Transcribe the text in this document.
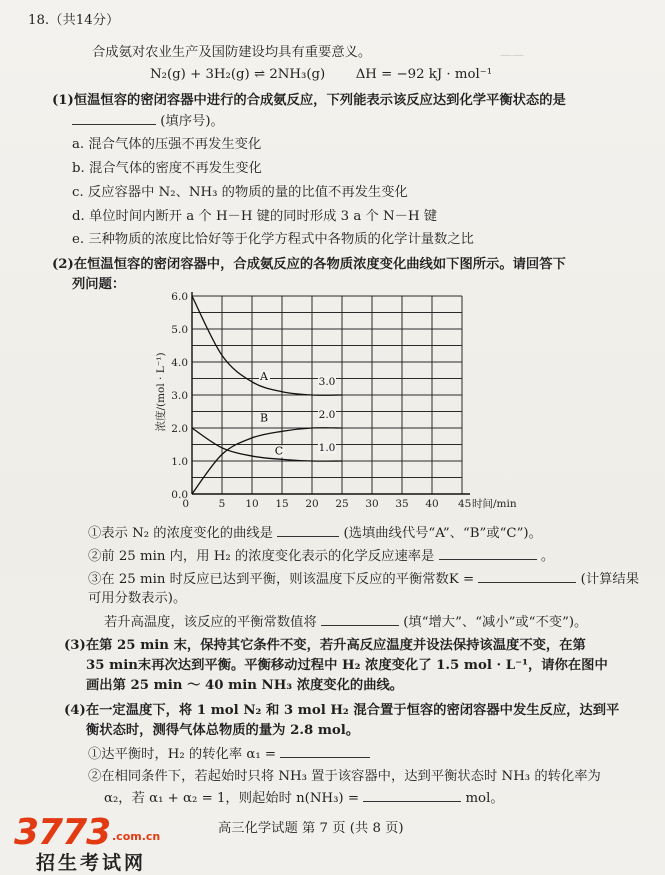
——
18.（共14分）
合成氨对农业生产及国防建设均具有重要意义。
N₂(g) + 3H₂(g) ⇌ 2NH₃(g) ΔH = −92 kJ · mol⁻¹
(1)恒温恒容的密闭容器中进行的合成氨反应，下列能表示该反应达到化学平衡状态的是
(填序号)。
a. 混合气体的压强不再发生变化
b. 混合气体的密度不再发生变化
c. 反应容器中 N₂、NH₃ 的物质的量的比值不再发生变化
d. 单位时间内断开 a 个 H－H 键的同时形成 3 a 个 N－H 键
e. 三种物质的浓度比恰好等于化学方程式中各物质的化学计量数之比
(2)在恒温恒容的密闭容器中，合成氨反应的各物质浓度变化曲线如下图所示。请回答下
列问题：
0.0
1.0
2.0
3.0
4.0
5.0
6.0
0	5 10 15 20 25 30 35 40 45 时间/min
浓度/(mol · L⁻¹)	A
B
C
3.0
2.0
1.0
①表示 N₂ 的浓度变化的曲线是	(选填曲线代号“A”、“B”或“C”)。
②前 25 min 内，用 H₂ 的浓度变化表示的化学反应速率是	。
③在 25 min 时反应已达到平衡，则该温度下反应的平衡常数K =	(计算结果
可用分数表示)。
若升高温度，该反应的平衡常数值将	(填“增大”、“减小”或“不变”)。
(3)在第 25 min 末，保持其它条件不变，若升高反应温度并设法保持该温度不变，在第
35 min末再次达到平衡。平衡移动过程中 H₂ 浓度变化了 1.5 mol · L⁻¹，请你在图中
画出第 25 min ～ 40 min NH₃ 浓度变化的曲线。
(4)在一定温度下，将 1 mol N₂ 和 3 mol H₂ 混合置于恒容的密闭容器中发生反应，达到平
衡状态时，测得气体总物质的量为 2.8 mol。
①达平衡时，H₂ 的转化率 α₁ =
②在相同条件下，若起始时只将 NH₃ 置于该容器中，达到平衡状态时 NH₃ 的转化率为
α₂，若 α₁ + α₂ = 1，则起始时 n(NH₃) =	mol。
高三化学试题 第 7 页 (共 8 页)
3773 .com.cn
招生考试网
